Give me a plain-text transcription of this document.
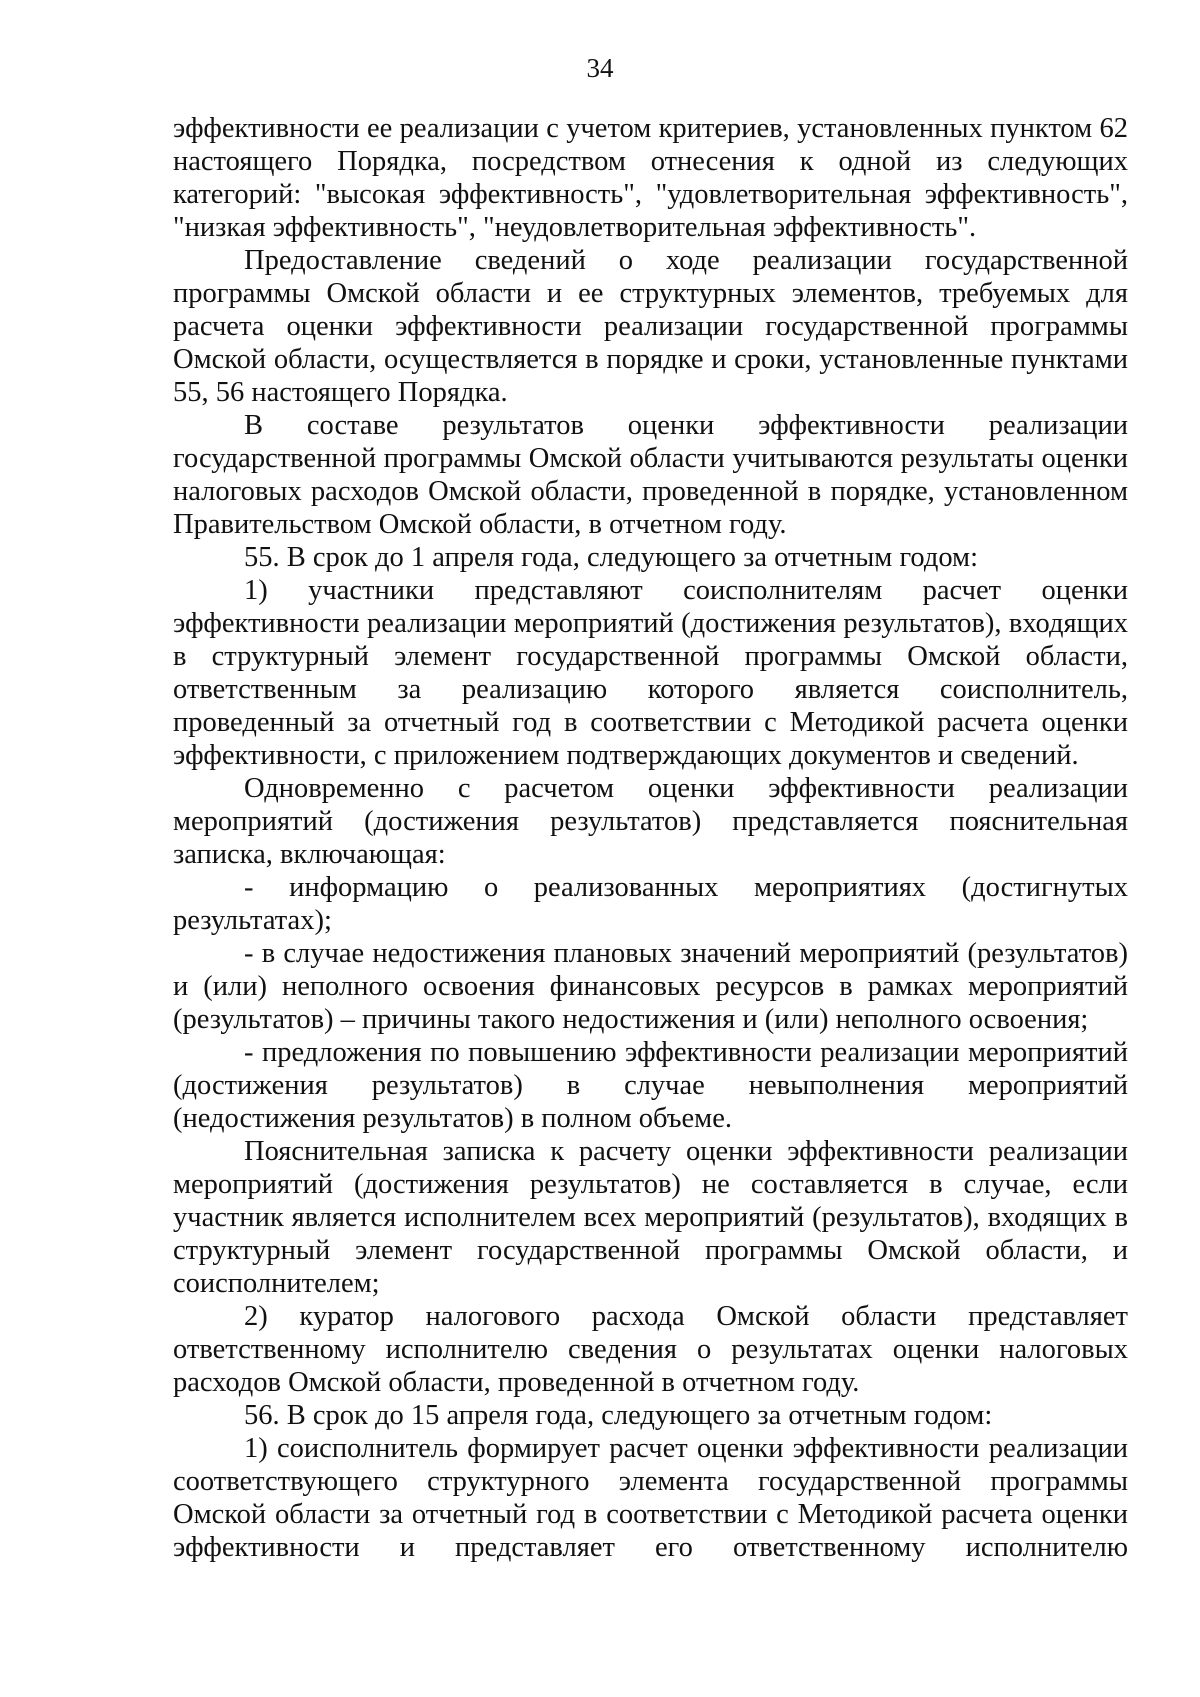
34

эффективности ее реализации с учетом критериев, установленных пунктом 62 настоящего Порядка, посредством отнесения к одной из следующих категорий: "высокая эффективность", "удовлетворительная эффективность", "низкая эффективность", "неудовлетворительная эффективность".

Предоставление сведений о ходе реализации государственной программы Омской области и ее структурных элементов, требуемых для расчета оценки эффективности реализации государственной программы Омской области, осуществляется в порядке и сроки, установленные пунктами 55, 56 настоящего Порядка.

В составе результатов оценки эффективности реализации государственной программы Омской области учитываются результаты оценки налоговых расходов Омской области, проведенной в порядке, установленном Правительством Омской области, в отчетном году.

55. В срок до 1 апреля года, следующего за отчетным годом:

1) участники представляют соисполнителям расчет оценки эффективности реализации мероприятий (достижения результатов), входящих в структурный элемент государственной программы Омской области, ответственным за реализацию которого является соисполнитель, проведенный за отчетный год в соответствии с Методикой расчета оценки эффективности, с приложением подтверждающих документов и сведений.

Одновременно с расчетом оценки эффективности реализации мероприятий (достижения результатов) представляется пояснительная записка, включающая:

- информацию о реализованных мероприятиях (достигнутых результатах);

- в случае недостижения плановых значений мероприятий (результатов) и (или) неполного освоения финансовых ресурсов в рамках мероприятий (результатов) – причины такого недостижения и (или) неполного освоения;

- предложения по повышению эффективности реализации мероприятий (достижения результатов) в случае невыполнения мероприятий (недостижения результатов) в полном объеме.

Пояснительная записка к расчету оценки эффективности реализации мероприятий (достижения результатов) не составляется в случае, если участник является исполнителем всех мероприятий (результатов), входящих в структурный элемент государственной программы Омской области, и соисполнителем;

2) куратор налогового расхода Омской области представляет ответственному исполнителю сведения о результатах оценки налоговых расходов Омской области, проведенной в отчетном году.

56. В срок до 15 апреля года, следующего за отчетным годом:

1) соисполнитель формирует расчет оценки эффективности реализации соответствующего структурного элемента государственной программы Омской области за отчетный год в соответствии с Методикой расчета оценки эффективности и представляет его ответственному исполнителю
